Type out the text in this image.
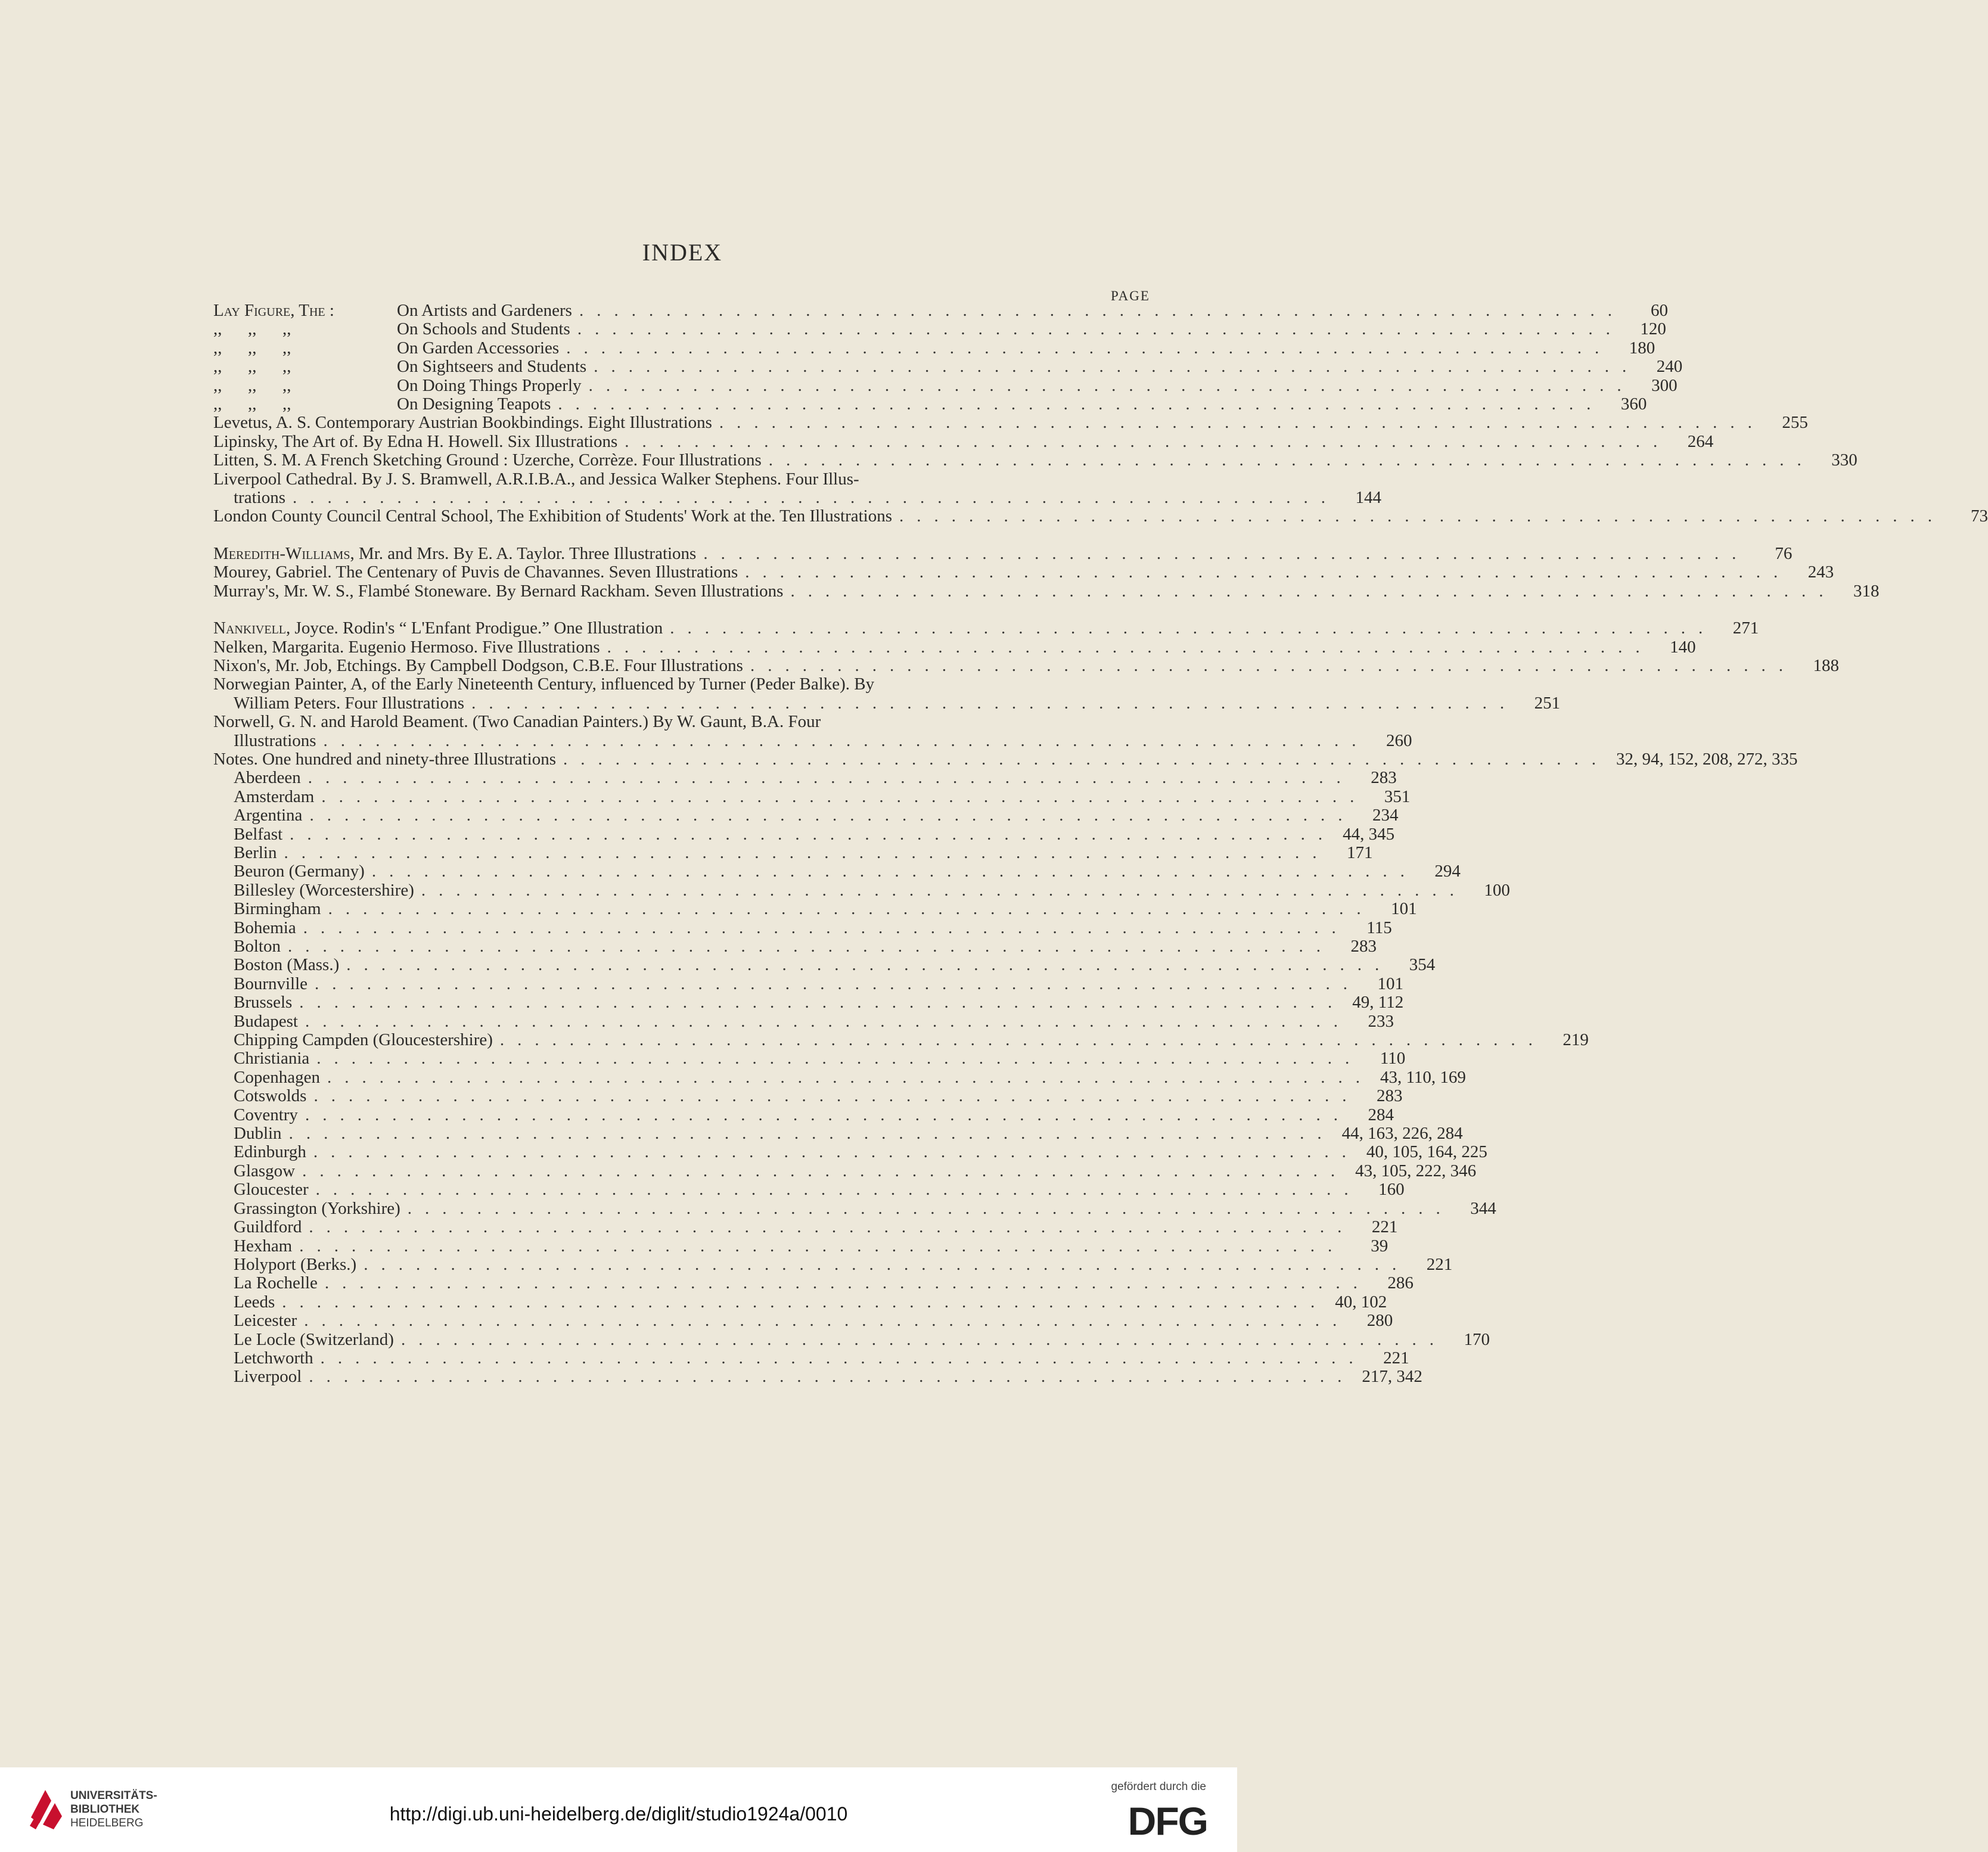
INDEX
PAGE
Lay Figure, The :	On Artists and Gardeners ............................................................	60
,, ,, ,,	On Schools and Students ............................................................ 120
,, ,, ,,	On Garden Accessories ............................................................ 180
,, ,, ,,	On Sightseers and Students ............................................................ 240
,, ,, ,,	On Doing Things Properly ............................................................ 300
,, ,, ,,	On Designing Teapots ............................................................ 360
Levetus, A. S. Contemporary Austrian Bookbindings. Eight Illustrations ............................................................ 255
Lipinsky, The Art of. By Edna H. Howell. Six Illustrations ............................................................ 264
Litten, S. M. A French Sketching Ground : Uzerche, Corrèze. Four Illustrations ............................................................ 330
Liverpool Cathedral. By J. S. Bramwell, A.R.I.B.A., and Jessica Walker Stephens. Four Illus-
trations ............................................................ 144
London County Council Central School, The Exhibition of Students' Work at the. Ten Illustrations ............................................................	73
Meredith-Williams, Mr. and Mrs. By E. A. Taylor. Three Illustrations ............................................................	76
Mourey, Gabriel. The Centenary of Puvis de Chavannes. Seven Illustrations ............................................................ 243
Murray's, Mr. W. S., Flambé Stoneware. By Bernard Rackham. Seven Illustrations ............................................................ 318
Nankivell, Joyce. Rodin's “ L'Enfant Prodigue.” One Illustration ............................................................ 271
Nelken, Margarita. Eugenio Hermoso. Five Illustrations ............................................................ 140
Nixon's, Mr. Job, Etchings. By Campbell Dodgson, C.B.E. Four Illustrations ............................................................ 188
Norwegian Painter, A, of the Early Nineteenth Century, influenced by Turner (Peder Balke). By
William Peters. Four Illustrations ............................................................ 251
Norwell, G. N. and Harold Beament. (Two Canadian Painters.) By W. Gaunt, B.A. Four
Illustrations ............................................................ 260
Notes. One hundred and ninety-three Illustrations ............................................................ 32, 94, 152, 208, 272, 335
Aberdeen ............................................................ 283
Amsterdam ............................................................ 351
Argentina ............................................................ 234
Belfast ............................................................ 44, 345
Berlin ............................................................ 171
Beuron (Germany) ............................................................ 294
Billesley (Worcestershire) ............................................................ 100
Birmingham ............................................................ 101
Bohemia ............................................................	115
Bolton ............................................................ 283
Boston (Mass.) ............................................................ 354
Bournville ............................................................ 101
Brussels ............................................................ 49, 112
Budapest ............................................................ 233
Chipping Campden (Gloucestershire) ............................................................ 219
Christiania ............................................................	110
Copenhagen ............................................................ 43, 110, 169
Cotswolds ............................................................ 283
Coventry ............................................................ 284
Dublin ............................................................ 44, 163, 226, 284
Edinburgh ............................................................ 40, 105, 164, 225
Glasgow ............................................................ 43, 105, 222, 346
Gloucester ............................................................ 160
Grassington (Yorkshire) ............................................................ 344
Guildford ............................................................ 221
Hexham ............................................................	39
Holyport (Berks.) ............................................................ 221
La Rochelle ............................................................ 286
Leeds ............................................................ 40, 102
Leicester ............................................................ 280
Le Locle (Switzerland) ............................................................ 170
Letchworth ............................................................ 221
Liverpool ............................................................ 217, 342
UNIVERSITÄTS-
BIBLIOTHEK
HEIDELBERG	http://digi.ub.uni-heidelberg.de/diglit/studio1924a/0010
gefördert durch die
DFG
